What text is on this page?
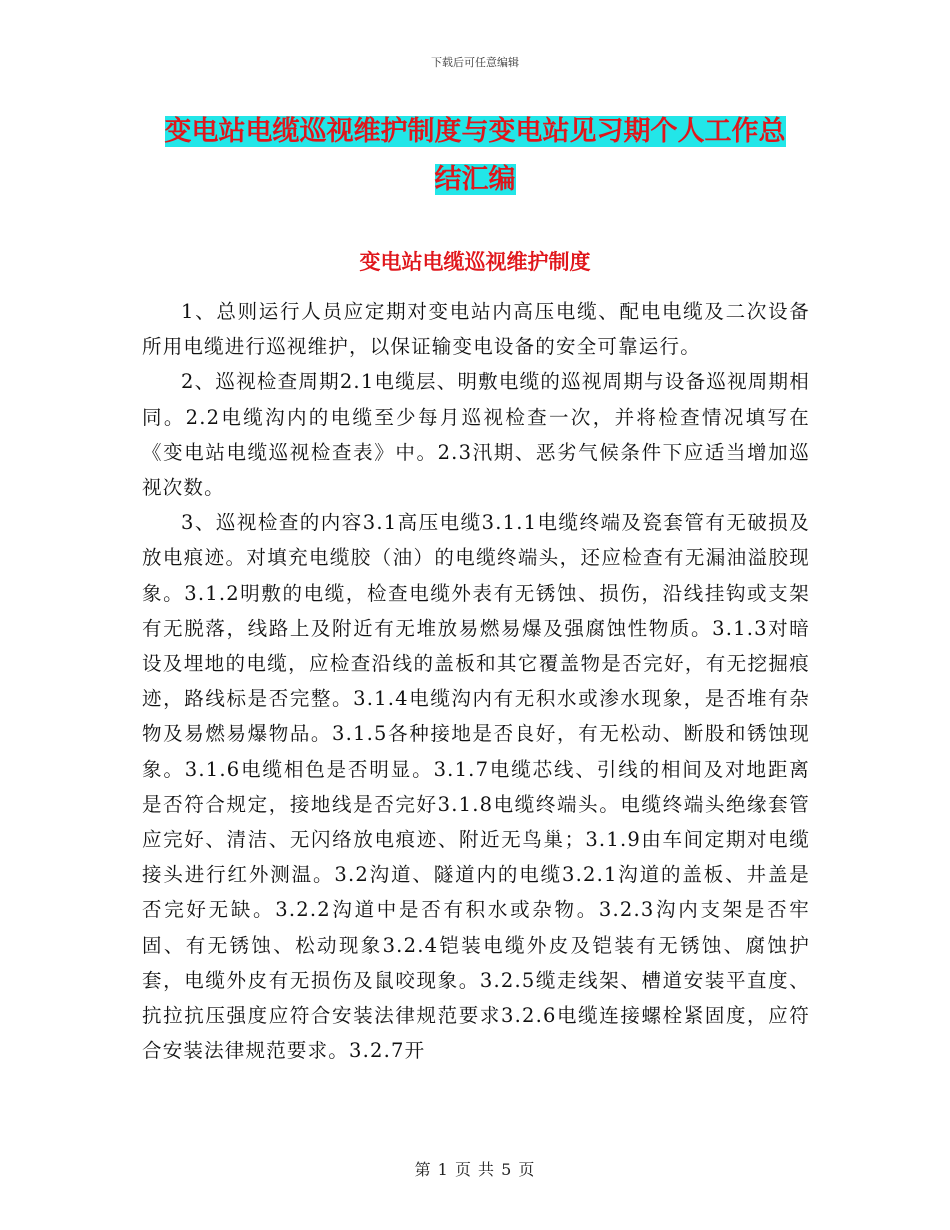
下载后可任意编辑
变电站电缆巡视维护制度与变电站见习期个人工作总
结汇编
变电站电缆巡视维护制度

1、总则运行人员应定期对变电站内高压电缆、配电电缆及二次设备所用电缆进行巡视维护，以保证输变电设备的安全可靠运行。

2、巡视检查周期2.1电缆层、明敷电缆的巡视周期与设备巡视周期相同。2.2电缆沟内的电缆至少每月巡视检查一次，并将检查情况填写在《变电站电缆巡视检查表》中。2.3汛期、恶劣气候条件下应适当增加巡视次数。

3、巡视检查的内容3.1高压电缆3.1.1电缆终端及瓷套管有无破损及放电痕迹。对填充电缆胶（油）的电缆终端头，还应检查有无漏油溢胶现象。3.1.2明敷的电缆，检查电缆外表有无锈蚀、损伤，沿线挂钩或支架有无脱落，线路上及附近有无堆放易燃易爆及强腐蚀性物质。3.1.3对暗设及埋地的电缆，应检查沿线的盖板和其它覆盖物是否完好，有无挖掘痕迹，路线标是否完整。3.1.4电缆沟内有无积水或渗水现象，是否堆有杂物及易燃易爆物品。3.1.5各种接地是否良好，有无松动、断股和锈蚀现象。3.1.6电缆相色是否明显。3.1.7电缆芯线、引线的相间及对地距离是否符合规定，接地线是否完好3.1.8电缆终端头。电缆终端头绝缘套管应完好、清洁、无闪络放电痕迹、附近无鸟巢；3.1.9由车间定期对电缆接头进行红外测温。3.2沟道、隧道内的电缆3.2.1沟道的盖板、井盖是否完好无缺。3.2.2沟道中是否有积水或杂物。3.2.3沟内支架是否牢固、有无锈蚀、松动现象3.2.4铠装电缆外皮及铠装有无锈蚀、腐蚀护套，电缆外皮有无损伤及鼠咬现象。3.2.5缆走线架、槽道安装平直度、抗拉抗压强度应符合安装法律规范要求3.2.6电缆连接螺栓紧固度，应符合安装法律规范要求。3.2.7开

第 1 页 共 5 页
